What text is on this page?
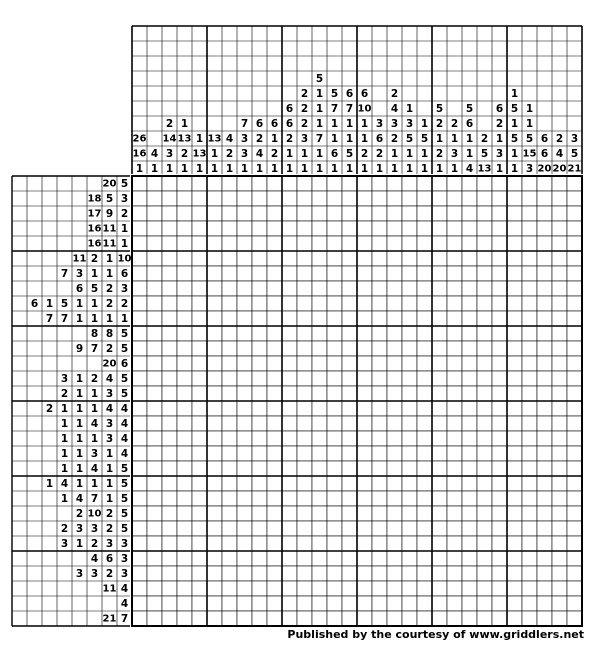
26
16
1
4
1
2
14
3
1
1
13
2
1
1
13
1
13
1
1
4
2
1
7
3
3
1
6
2
4
1
6
1
2
1
6
6
2
1
1
2
2
2
3
1
1
5
1
1
1
7
1
1
5
7
1
1
6
1
6
7
1
1
5
1
6
10
1
1
2
1
3
6
2
1
2
4
3
2
1
1
1
3
5
1
1
1
5
1
1
5
2
1
2
1
2
1
3
1
5
6
1
1
4
2
5
13
6
2
1
3
1
1
5
1
5
1
1
1
1
5
15
3
6
6
20
2
4
20
3
5
21
20 5
18 5 3
17 9 2
16 11 1
16 11 1
11 2 1 10
7 3 1 1 6
6 5 2 3
6 1 5 1 1 2 2
7 7 1 1 1 1
8 8 5
9 7 2 5
20 6
3 1 2 4 5
2 1 1 3 5
2 1 1 1 4 4
1 1 4 3 4
1 1 1 3 4
1 1 3 1 4
1 1 4 1 5
1 4 1 1 1 5
1 4 7 1 5
2 10 2 5
2 3 3 2 5
3 1 2 3 3
4 6 3
3 3 2 3
11 4
4
21 7
Published by the courtesy of www.griddlers.net
